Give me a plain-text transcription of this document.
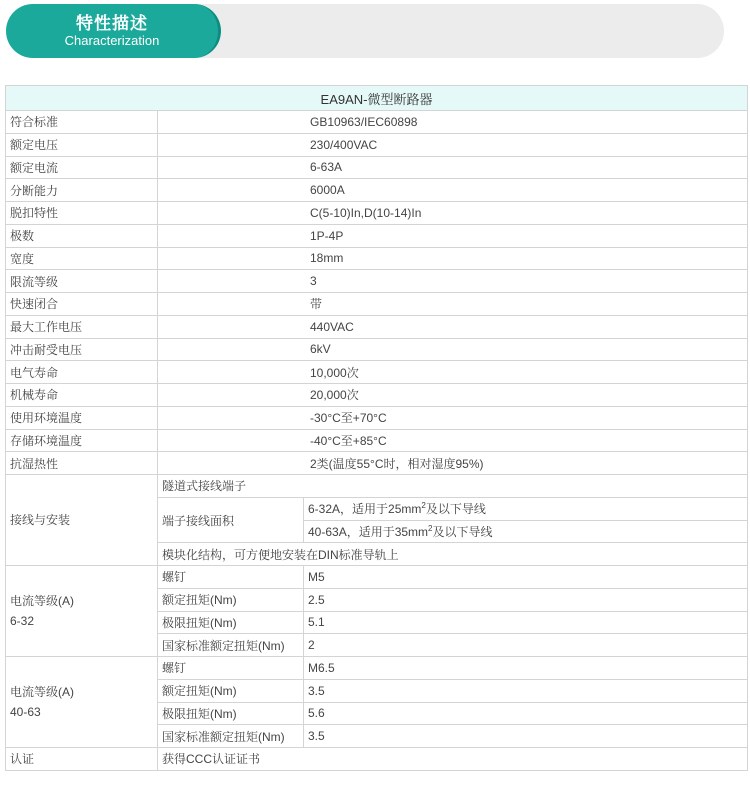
特性描述
Characterization
EA9AN-微型断路器		
符合标准	GB10963/IEC60898	
额定电压	230/400VAC	
额定电流	6-63A	
分断能力	6000A	
脱扣特性	C(5-10)In,D(10-14)In	
极数	1P-4P	
宽度	18mm	
限流等级	3	
快速闭合	带	
最大工作电压	440VAC	
冲击耐受电压	6kV	
电气寿命	10,000次	
机械寿命	20,000次	
使用环境温度	-30°C至+70°C	
存储环境温度	-40°C至+85°C	
抗湿热性	2类(温度55°C时，相对湿度95%)	
接线与安装	隧道式接线端子	
	端子接线面积	6-32A，适用于$25mm^2$及以下导线
		40-63A，适用于$35mm^2$及以下导线
	模块化结构，可方便地安装在DIN标准导轨上	

电流等级(A)
6-32	螺钉	M5
	额定扭矩(Nm)	2.5
	极限扭矩(Nm)	5.1
	国家标准额定扭矩(Nm)	2

电流等级(A)
40-63	螺钉	M6.5
	额定扭矩(Nm)	3.5
	极限扭矩(Nm)	5.6
	国家标准额定扭矩(Nm)	3.5
认证	获得CCC认证证书	
